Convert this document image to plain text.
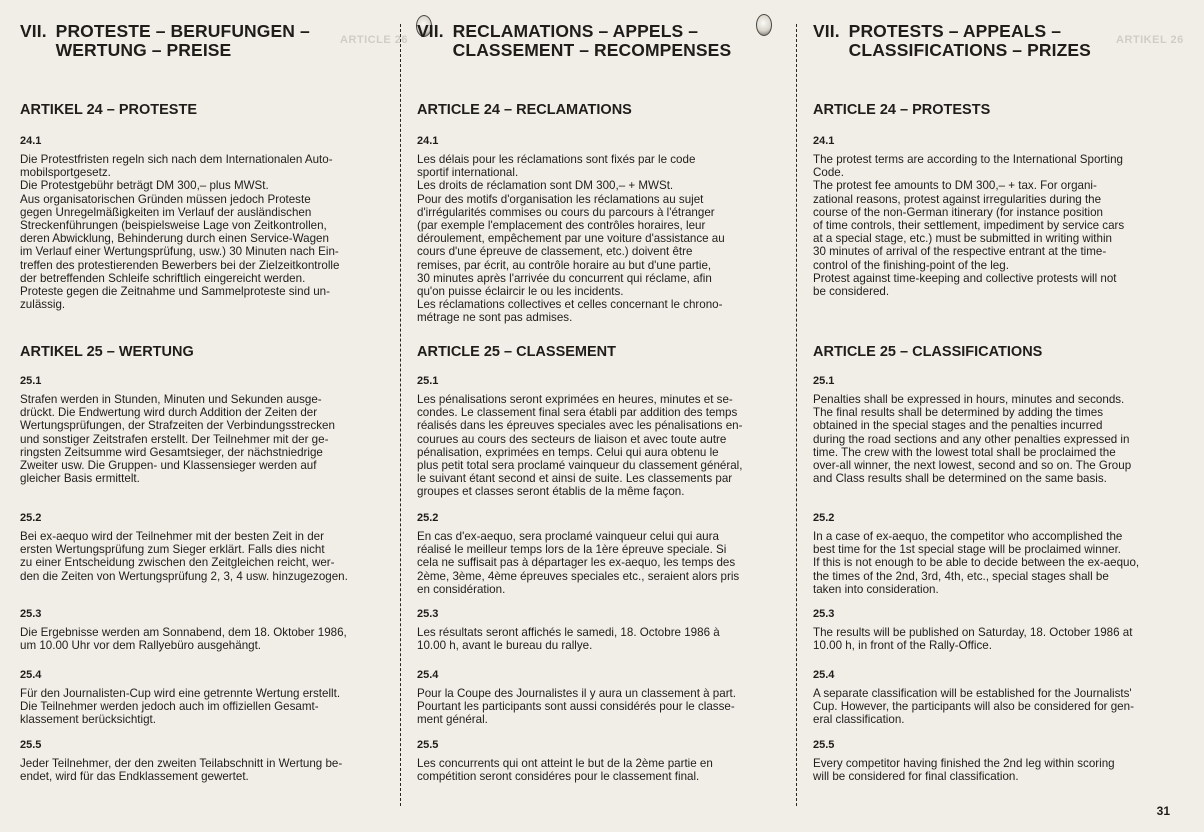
ARTICLE 26	ARTIKEL 26
VII. PROTESTE – BERUFUNGEN –
WERTUNG – PREISE
ARTIKEL 24 – PROTESTE
24.1

Die Protestfristen regeln sich nach dem Internationalen Auto-
mobilsportgesetz.
Die Protestgebühr beträgt DM 300,– plus MWSt.
Aus organisatorischen Gründen müssen jedoch Proteste
gegen Unregelmäßigkeiten im Verlauf der ausländischen
Streckenführungen (beispielsweise Lage von Zeitkontrollen,
deren Abwicklung, Behinderung durch einen Service-Wagen
im Verlauf einer Wertungsprüfung, usw.) 30 Minuten nach Ein-
treffen des protestierenden Bewerbers bei der Zielzeitkontrolle
der betreffenden Schleife schriftlich eingereicht werden.
Proteste gegen die Zeitnahme und Sammelproteste sind un-
zulässig.

ARTIKEL 25 – WERTUNG
25.1

Strafen werden in Stunden, Minuten und Sekunden ausge-
drückt. Die Endwertung wird durch Addition der Zeiten der
Wertungsprüfungen, der Strafzeiten der Verbindungsstrecken
und sonstiger Zeitstrafen erstellt. Der Teilnehmer mit der ge-
ringsten Zeitsumme wird Gesamtsieger, der nächstniedrige
Zweiter usw. Die Gruppen- und Klassensieger werden auf
gleicher Basis ermittelt.

25.2

Bei ex-aequo wird der Teilnehmer mit der besten Zeit in der
ersten Wertungsprüfung zum Sieger erklärt. Falls dies nicht
zu einer Entscheidung zwischen den Zeitgleichen reicht, wer-
den die Zeiten von Wertungsprüfung 2, 3, 4 usw. hinzugezogen.

25.3

Die Ergebnisse werden am Sonnabend, dem 18. Oktober 1986,
um 10.00 Uhr vor dem Rallyebüro ausgehängt.

25.4

Für den Journalisten-Cup wird eine getrennte Wertung erstellt.
Die Teilnehmer werden jedoch auch im offiziellen Gesamt-
klassement berücksichtigt.

25.5

Jeder Teilnehmer, der den zweiten Teilabschnitt in Wertung be-
endet, wird für das Endklassement gewertet.

VII. RECLAMATIONS – APPELS –
CLASSEMENT – RECOMPENSES
ARTICLE 24 – RECLAMATIONS
24.1

Les délais pour les réclamations sont fixés par le code
sportif international.
Les droits de réclamation sont DM 300,– + MWSt.
Pour des motifs d'organisation les réclamations au sujet
d'irrégularités commises ou cours du parcours à l'étranger
(par exemple l'emplacement des contrôles horaires, leur
déroulement, empêchement par une voiture d'assistance au
cours d'une épreuve de classement, etc.) doivent être
remises, par écrit, au contrôle horaire au but d'une partie,
30 minutes après l'arrivée du concurrent qui réclame, afin
qu'on puisse éclaircir le ou les incidents.
Les réclamations collectives et celles concernant le chrono-
métrage ne sont pas admises.

ARTICLE 25 – CLASSEMENT
25.1

Les pénalisations seront exprimées en heures, minutes et se-
condes. Le classement final sera établi par addition des temps
réalisés dans les épreuves speciales avec les pénalisations en-
courues au cours des secteurs de liaison et avec toute autre
pénalisation, exprimées en temps. Celui qui aura obtenu le
plus petit total sera proclamé vainqueur du classement général,
le suivant étant second et ainsi de suite. Les classements par
groupes et classes seront établis de la même façon.

25.2

En cas d'ex-aequo, sera proclamé vainqueur celui qui aura
réalisé le meilleur temps lors de la 1ère épreuve speciale. Si
cela ne suffisait pas à départager les ex-aequo, les temps des
2ème, 3ème, 4ème épreuves speciales etc., seraient alors pris
en considération.

25.3

Les résultats seront affichés le samedi, 18. Octobre 1986 à
10.00 h, avant le bureau du rallye.

25.4

Pour la Coupe des Journalistes il y aura un classement à part.
Pourtant les participants sont aussi considérés pour le classe-
ment général.

25.5

Les concurrents qui ont atteint le but de la 2ème partie en
compétition seront considéres pour le classement final.

VII. PROTESTS – APPEALS –
CLASSIFICATIONS – PRIZES
ARTICLE 24 – PROTESTS
24.1

The protest terms are according to the International Sporting
Code.
The protest fee amounts to DM 300,– + tax. For organi-
zational reasons, protest against irregularities during the
course of the non-German itinerary (for instance position
of time controls, their settlement, impediment by service cars
at a special stage, etc.) must be submitted in writing within
30 minutes of arrival of the respective entrant at the time-
control of the finishing-point of the leg.
Protest against time-keeping and collective protests will not
be considered.

ARTICLE 25 – CLASSIFICATIONS
25.1

Penalties shall be expressed in hours, minutes and seconds.
The final results shall be determined by adding the times
obtained in the special stages and the penalties incurred
during the road sections and any other penalties expressed in
time. The crew with the lowest total shall be proclaimed the
over-all winner, the next lowest, second and so on. The Group
and Class results shall be determined on the same basis.

25.2

In a case of ex-aequo, the competitor who accomplished the
best time for the 1st special stage will be proclaimed winner.
If this is not enough to be able to decide between the ex-aequo,
the times of the 2nd, 3rd, 4th, etc., special stages shall be
taken into consideration.

25.3

The results will be published on Saturday, 18. October 1986 at
10.00 h, in front of the Rally-Office.

25.4

A separate classification will be established for the Journalists'
Cup. However, the participants will also be considered for gen-
eral classification.

25.5

Every competitor having finished the 2nd leg within scoring
will be considered for final classification.

31
